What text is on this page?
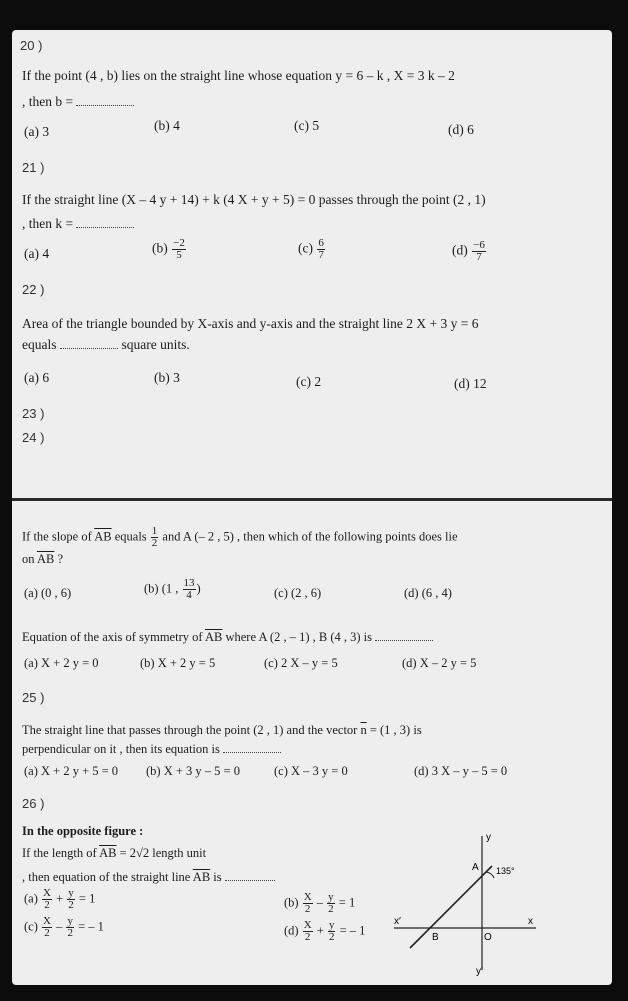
20 )
If the point (4 , b) lies on the straight line whose equation y = 6 – k , X = 3 k – 2
, then b =
(a) 3	(b) 4	(c) 5	(d) 6
21 )
If the straight line (X – 4 y + 14) + k (4 X + y + 5) = 0 passes through the point (2 , 1)
, then k =
(a) 4	$(b) \frac{-2}{5}$	$(c) \frac{6}{7}$	$(d) \frac{-6}{7}$
22 )
Area of the triangle bounded by X-axis and y-axis and the straight line 2 X + 3 y = 6
equals	square units.
(a) 6	(b) 3	(c) 2	(d) 12
23 )
24 )
If the slope of $\overline{AB}$ equals $\frac{1}{2}$ and A (– 2 , 5) , then which of the following points does lie
on $\overline{AB}$ ?
(a) (0 , 6)	(b) (1 , $\frac{13}{4}$ )	(c) (2 , 6)	(d) (6 , 4)
Equation of the axis of symmetry of $\overline{AB}$ where A (2 , – 1) , B (4 , 3) is
(a) X + 2 y = 0	(b) X + 2 y = 5	(c) 2 X – y = 5	(d) X – 2 y = 5
25 )
The straight line that passes through the point (2 , 1) and the vector $\overline{n} = (1$ , 3) is
perpendicular on it , then its equation is
(a) X + 2 y + 5 = 0 (b) X + 3 y – 5 = 0	(c) X – 3 y = 0	(d) 3 X – y – 5 = 0
26 )
In the opposite figure :
If the length of $\overline{AB} = 2√2$ length unit
, then equation of the straight line $\overline{AB}$ is
$(a) \frac{X}{2} + \frac{y}{2} = 1$	$(b) \frac{X}{2} - \frac{y}{2} = 1$
$(c) \frac{X}{2} - \frac{y}{2}$ = – 1	$(d) \frac{X}{2} + \frac{y}{2}$ = – 1
y
y′
x
x′
A
B	O
135°
